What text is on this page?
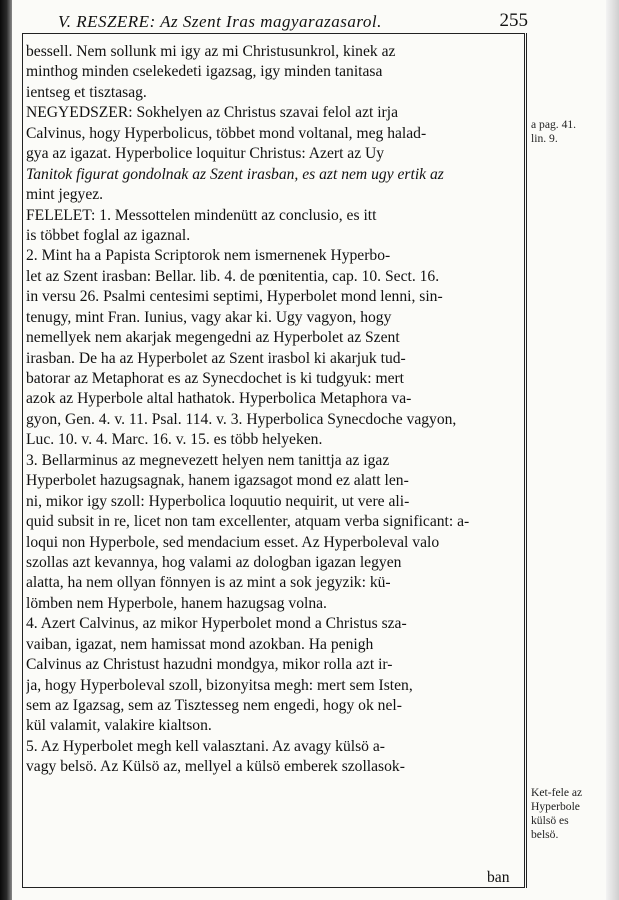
V. RESZERE: Az Szent Iras magyarazasarol.	255
bessell. Nem sollunk mi igy az mi Christusunkrol, kinek az
minthog minden cselekedeti igazsag, igy minden tanitasa
ientseg et tisztasag.
NEGYEDSZER: Sokhelyen az Christus szavai felol azt irja
Calvinus, hogy Hyperbolicus, többet mond voltanal, meg halad-
gya az igazat. Hyperbolice loquitur Christus: Azert az Uy
Tanitok figurat gondolnak az Szent irasban, es azt nem ugy ertik az
mint jegyez.
FELELET: 1. Messottelen mindenütt az conclusio, es itt
is többet foglal az igaznal.
2. Mint ha a Papista Scriptorok nem ismernenek Hyperbo-
let az Szent irasban: Bellar. lib. 4. de pœnitentia, cap. 10. Sect. 16.
in versu 26. Psalmi centesimi septimi, Hyperbolet mond lenni, sin-
tenugy, mint Fran. Iunius, vagy akar ki. Ugy vagyon, hogy
nemellyek nem akarjak megengedni az Hyperbolet az Szent
irasban. De ha az Hyperbolet az Szent irasbol ki akarjuk tud-
batorar az Metaphorat es az Synecdochet is ki tudgyuk: mert
azok az Hyperbole altal hathatok. Hyperbolica Metaphora va-
gyon, Gen. 4. v. 11. Psal. 114. v. 3. Hyperbolica Synecdoche vagyon,
Luc. 10. v. 4. Marc. 16. v. 15. es több helyeken.
3. Bellarminus az megnevezett helyen nem tanittja az igaz
Hyperbolet hazugsagnak, hanem igazsagot mond ez alatt len-
ni, mikor igy szoll: Hyperbolica loquutio nequirit, ut vere ali-
quid subsit in re, licet non tam excellenter, atquam verba significant: a-
loqui non Hyperbole, sed mendacium esset. Az Hyperboleval valo
szollas azt kevannya, hog valami az dologban igazan legyen
alatta, ha nem ollyan fönnyen is az mint a sok jegyzik: kü-
lömben nem Hyperbole, hanem hazugsag volna.
4. Azert Calvinus, az mikor Hyperbolet mond a Christus sza-
vaiban, igazat, nem hamissat mond azokban. Ha penigh
Calvinus az Christust hazudni mondgya, mikor rolla azt ir-
ja, hogy Hyperboleval szoll, bizonyitsa megh: mert sem Isten,
sem az Igazsag, sem az Tisztesseg nem engedi, hogy ok nel-
kül valamit, valakire kialtson.
5. Az Hyperbolet megh kell valasztani. Az avagy külsö a-
vagy belsö. Az Külsö az, mellyel a külsö emberek szollasok-
ban
a pag. 41.
lin. 9.
Ket-fele az
Hyperbole
külsö es
belsö.
